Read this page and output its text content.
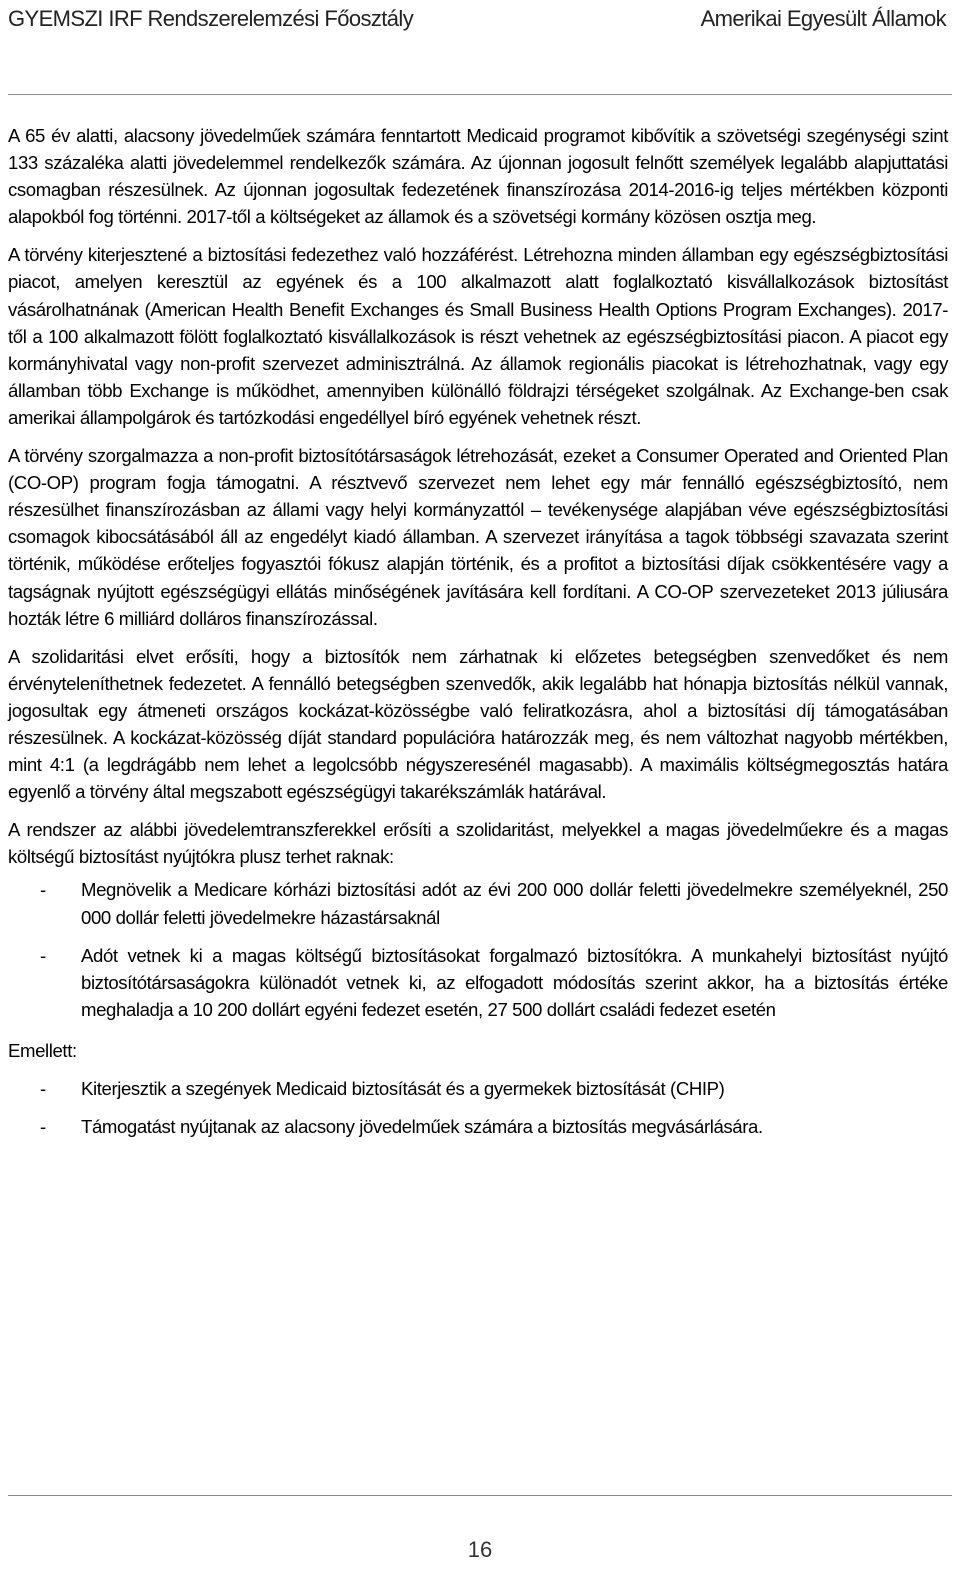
GYEMSZI IRF Rendszerelemzési Főosztály	Amerikai Egyesült Államok

A 65 év alatti, alacsony jövedelműek számára fenntartott Medicaid programot kibővítik a szövetségi szegénységi szint 133 százaléka alatti jövedelemmel rendelkezők számára. Az újonnan jogosult felnőtt személyek legalább alapjuttatási csomagban részesülnek. Az újonnan jogosultak fedezetének finanszírozása 2014-2016-ig teljes mértékben központi alapokból fog történni. 2017-től a költségeket az államok és a szövetségi kormány közösen osztja meg.

A törvény kiterjesztené a biztosítási fedezethez való hozzáférést. Létrehozna minden államban egy egészségbiztosítási piacot, amelyen keresztül az egyének és a 100 alkalmazott alatt foglalkoztató kisvállalkozások biztosítást vásárolhatnának (American Health Benefit Exchanges és Small Business Health Options Program Exchanges). 2017-től a 100 alkalmazott fölött foglalkoztató kisvállalkozások is részt vehetnek az egészségbiztosítási piacon. A piacot egy kormányhivatal vagy non-profit szervezet adminisztrálná. Az államok regionális piacokat is létrehozhatnak, vagy egy államban több Exchange is működhet, amennyiben különálló földrajzi térségeket szolgálnak. Az Exchange-ben csak amerikai állampolgárok és tartózkodási engedéllyel bíró egyének vehetnek részt.

A törvény szorgalmazza a non-profit biztosítótársaságok létrehozását, ezeket a Consumer Operated and Oriented Plan (CO-OP) program fogja támogatni. A résztvevő szervezet nem lehet egy már fennálló egészségbiztosító, nem részesülhet finanszírozásban az állami vagy helyi kormányzattól – tevékenysége alapjában véve egészségbiztosítási csomagok kibocsátásából áll az engedélyt kiadó államban. A szervezet irányítása a tagok többségi szavazata szerint történik, működése erőteljes fogyasztói fókusz alapján történik, és a profitot a biztosítási díjak csökkentésére vagy a tagságnak nyújtott egészségügyi ellátás minőségének javítására kell fordítani. A CO-OP szervezeteket 2013 júliusára hozták létre 6 milliárd dolláros finanszírozással.

A szolidaritási elvet erősíti, hogy a biztosítók nem zárhatnak ki előzetes betegségben szenvedőket és nem érvényteleníthetnek fedezetet. A fennálló betegségben szenvedők, akik legalább hat hónapja biztosítás nélkül vannak, jogosultak egy átmeneti országos kockázat-közösségbe való feliratkozásra, ahol a biztosítási díj támogatásában részesülnek. A kockázat-közösség díját standard populációra határozzák meg, és nem változhat nagyobb mértékben, mint 4:1 (a legdrágább nem lehet a legolcsóbb négyszeresénél magasabb). A maximális költségmegosztás határa egyenlő a törvény által megszabott egészségügyi takarékszámlák határával.

A rendszer az alábbi jövedelemtranszferekkel erősíti a szolidaritást, melyekkel a magas jövedelműekre és a magas költségű biztosítást nyújtókra plusz terhet raknak:

- Megnövelik a Medicare kórházi biztosítási adót az évi 200 000 dollár feletti jövedelmekre személyeknél, 250 000 dollár feletti jövedelmekre házastársaknál
- Adót vetnek ki a magas költségű biztosításokat forgalmazó biztosítókra. A munkahelyi biztosítást nyújtó biztosítótársaságokra különadót vetnek ki, az elfogadott módosítás szerint akkor, ha a biztosítás értéke meghaladja a 10 200 dollárt egyéni fedezet esetén, 27 500 dollárt családi fedezet esetén

Emellett:

- Kiterjesztik a szegények Medicaid biztosítását és a gyermekek biztosítását (CHIP)
- Támogatást nyújtanak az alacsony jövedelműek számára a biztosítás megvásárlására.
16
